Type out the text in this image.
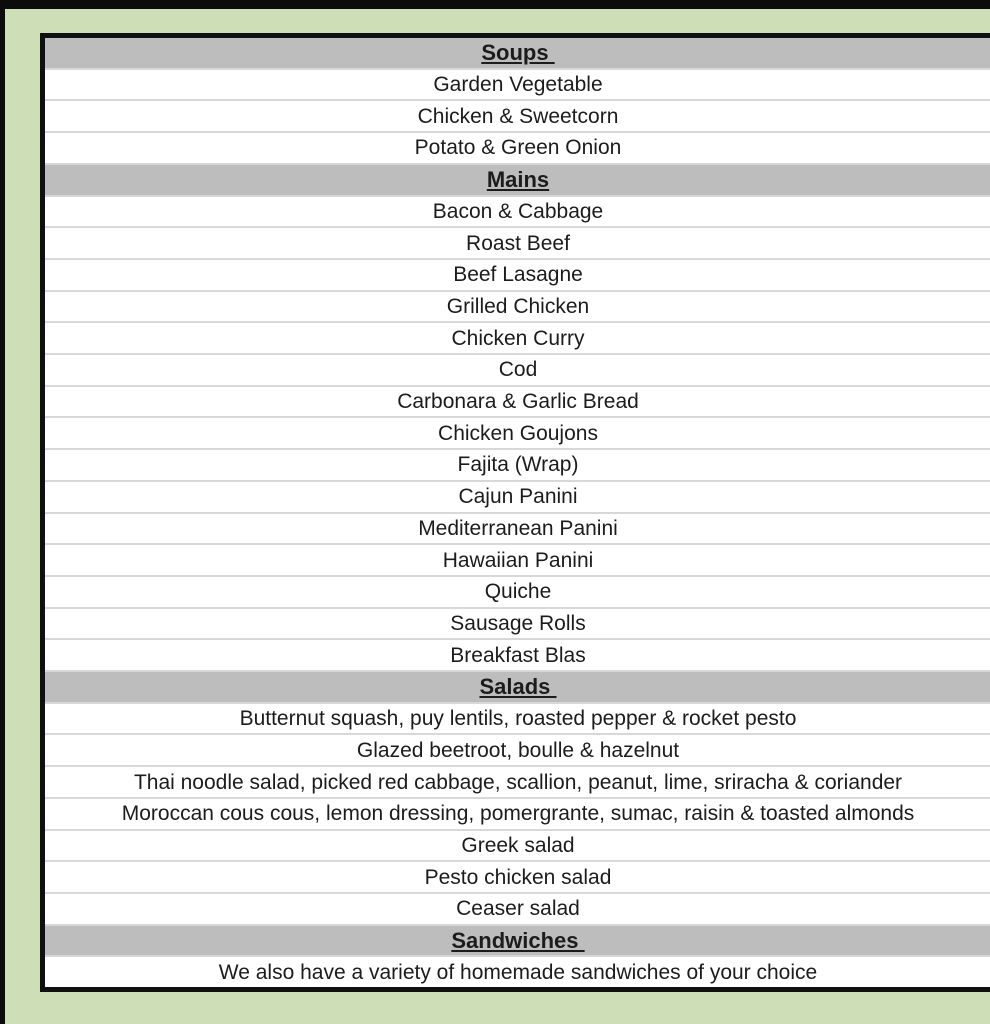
Soups
Garden Vegetable
Chicken & Sweetcorn
Potato & Green Onion
Mains
Bacon & Cabbage
Roast Beef
Beef Lasagne
Grilled Chicken
Chicken Curry
Cod
Carbonara & Garlic Bread
Chicken Goujons
Fajita (Wrap)
Cajun Panini
Mediterranean Panini
Hawaiian Panini
Quiche
Sausage Rolls
Breakfast Blas
Salads
Butternut squash, puy lentils, roasted pepper & rocket pesto
Glazed beetroot, boulle & hazelnut
Thai noodle salad, picked red cabbage, scallion, peanut, lime, sriracha & coriander
Moroccan cous cous, lemon dressing, pomergrante, sumac, raisin & toasted almonds
Greek salad
Pesto chicken salad
Ceaser salad
Sandwiches
We also have a variety of homemade sandwiches of your choice
